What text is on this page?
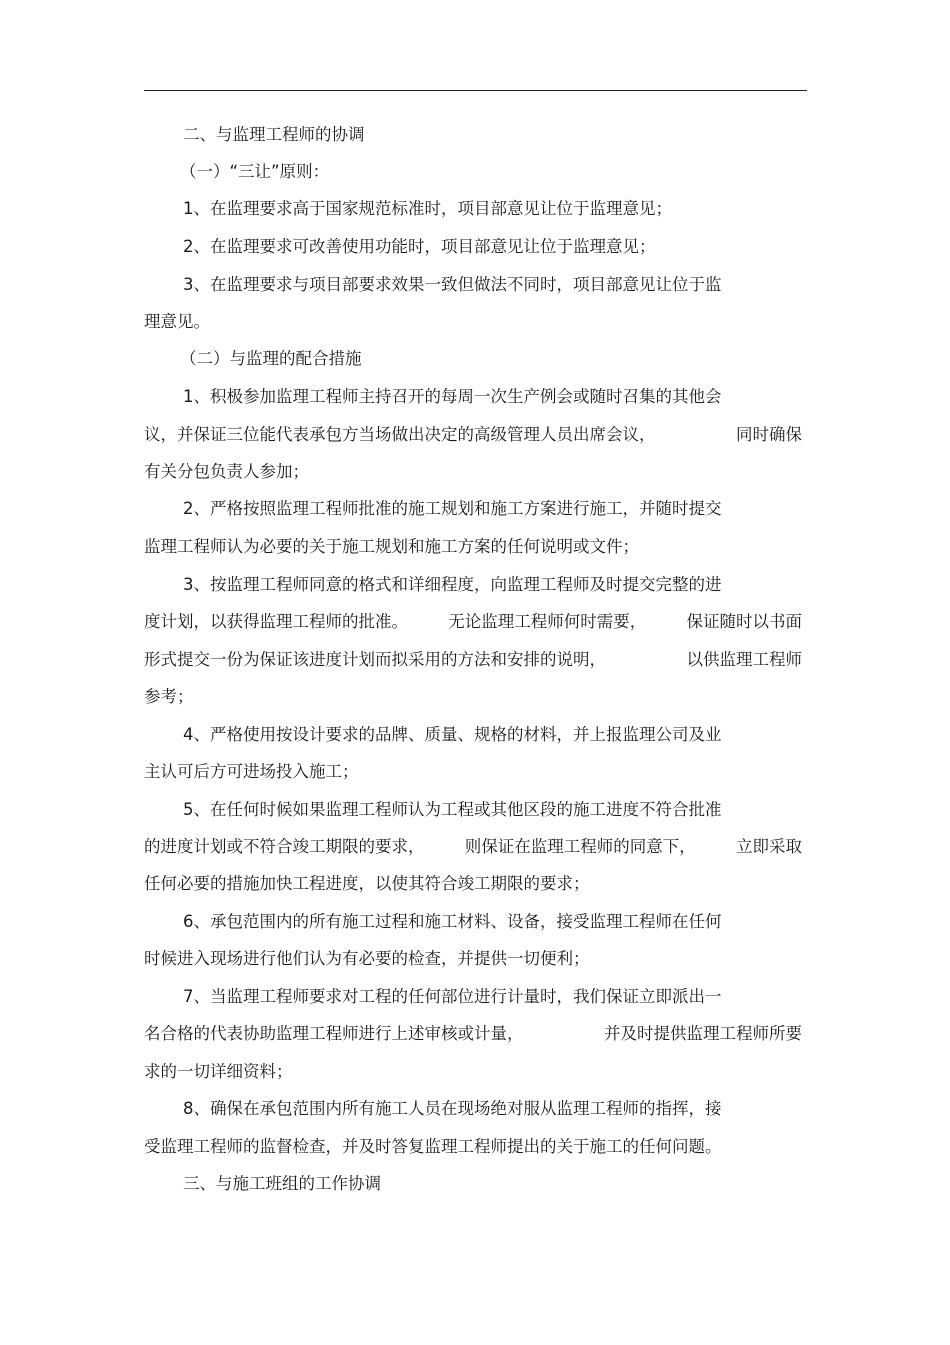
二、与监理工程师的协调

（一）“三让”原则：

1、在监理要求高于国家规范标准时，项目部意见让位于监理意见；

2、在监理要求可改善使用功能时，项目部意见让位于监理意见；

3、在监理要求与项目部要求效果一致但做法不同时，项目部意见让位于监

理意见。

（二）与监理的配合措施

1、积极参加监理工程师主持召开的每周一次生产例会或随时召集的其他会

议，并保证三位能代表承包方当场做出决定的高级管理人员出席会议，	同时确保

有关分包负责人参加；

2、严格按照监理工程师批准的施工规划和施工方案进行施工，并随时提交

监理工程师认为必要的关于施工规划和施工方案的任何说明或文件；

3、按监理工程师同意的格式和详细程度，向监理工程师及时提交完整的进

度计划，以获得监理工程师的批准。 无论监理工程师何时需要， 保证随时以书面
形式提交一份为保证该进度计划而拟采用的方法和安排的说明，	以供监理工程师

参考；

4、严格使用按设计要求的品牌、质量、规格的材料，并上报监理公司及业

主认可后方可进场投入施工；

5、在任何时候如果监理工程师认为工程或其他区段的施工进度不符合批准

的进度计划或不符合竣工期限的要求， 则保证在监理工程师的同意下， 立即采取

任何必要的措施加快工程进度，以使其符合竣工期限的要求；

6、承包范围内的所有施工过程和施工材料、设备，接受监理工程师在任何

时候进入现场进行他们认为有必要的检查，并提供一切便利；

7、当监理工程师要求对工程的任何部位进行计量时，我们保证立即派出一

名合格的代表协助监理工程师进行上述审核或计量，	并及时提供监理工程师所要

求的一切详细资料；

8、确保在承包范围内所有施工人员在现场绝对服从监理工程师的指挥，接

受监理工程师的监督检查，并及时答复监理工程师提出的关于施工的任何问题。

三、与施工班组的工作协调
